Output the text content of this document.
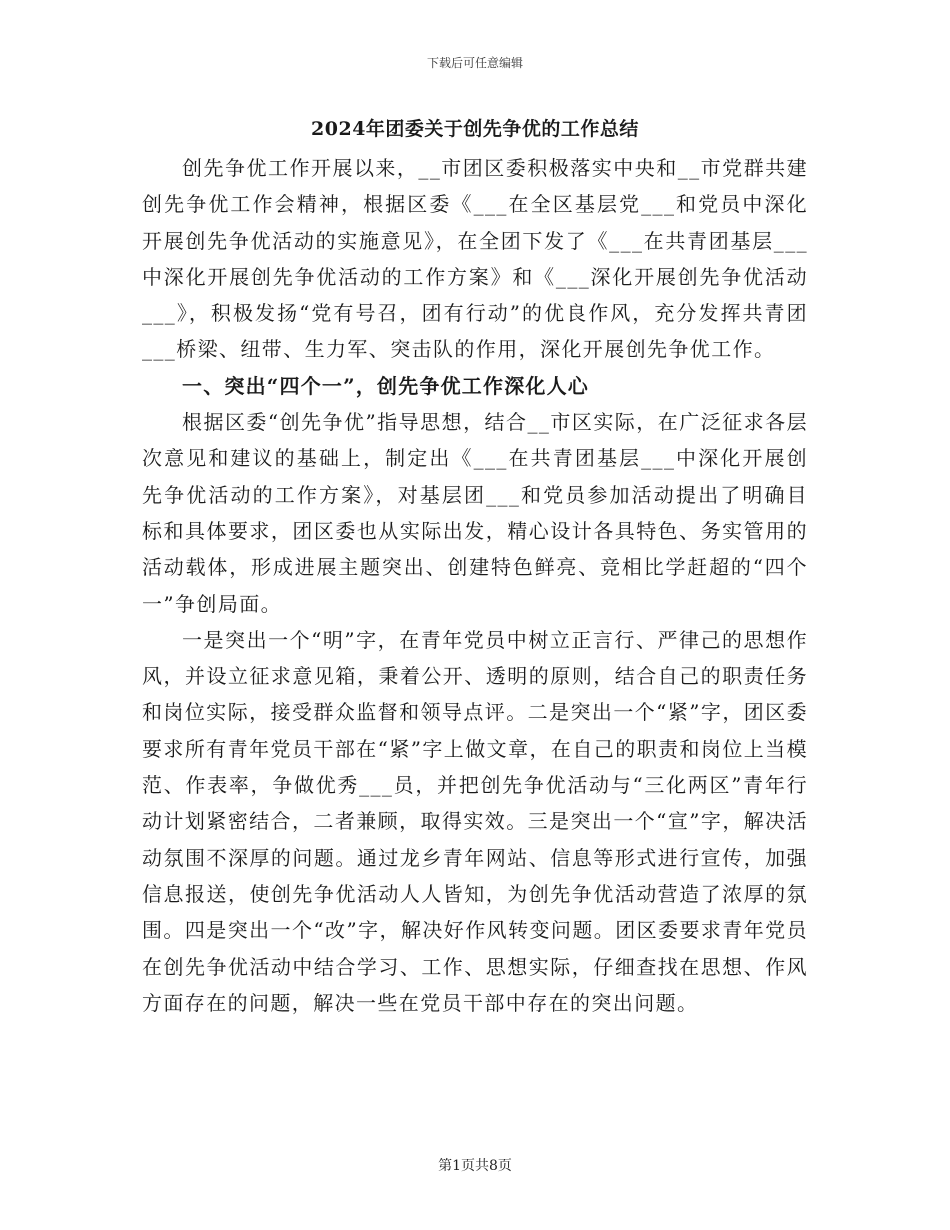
下载后可任意编辑
2024年团委关于创先争优的工作总结

创先争优工作开展以来，__市团区委积极落实中央和__市党群共建创先争优工作会精神，根据区委《___在全区基层党___和党员中深化开展创先争优活动的实施意见》，在全团下发了《___在共青团基层___中深化开展创先争优活动的工作方案》和《___深化开展创先争优活动___》，积极发扬“党有号召，团有行动”的优良作风，充分发挥共青团___桥梁、纽带、生力军、突击队的作用，深化开展创先争优工作。

一、突出“四个一”，创先争优工作深化人心

根据区委“创先争优”指导思想，结合__市区实际，在广泛征求各层次意见和建议的基础上，制定出《___在共青团基层___中深化开展创先争优活动的工作方案》，对基层团___和党员参加活动提出了明确目标和具体要求，团区委也从实际出发，精心设计各具特色、务实管用的活动载体，形成进展主题突出、创建特色鲜亮、竞相比学赶超的“四个一”争创局面。

一是突出一个“明”字，在青年党员中树立正言行、严律己的思想作风，并设立征求意见箱，秉着公开、透明的原则，结合自己的职责任务和岗位实际，接受群众监督和领导点评。二是突出一个“紧”字，团区委要求所有青年党员干部在“紧”字上做文章，在自己的职责和岗位上当模范、作表率，争做优秀___员，并把创先争优活动与“三化两区”青年行动计划紧密结合，二者兼顾，取得实效。三是突出一个“宣”字，解决活动氛围不深厚的问题。通过龙乡青年网站、信息等形式进行宣传，加强信息报送，使创先争优活动人人皆知，为创先争优活动营造了浓厚的氛围。四是突出一个“改”字，解决好作风转变问题。团区委要求青年党员在创先争优活动中结合学习、工作、思想实际，仔细查找在思想、作风方面存在的问题，解决一些在党员干部中存在的突出问题。

第1页共8页
